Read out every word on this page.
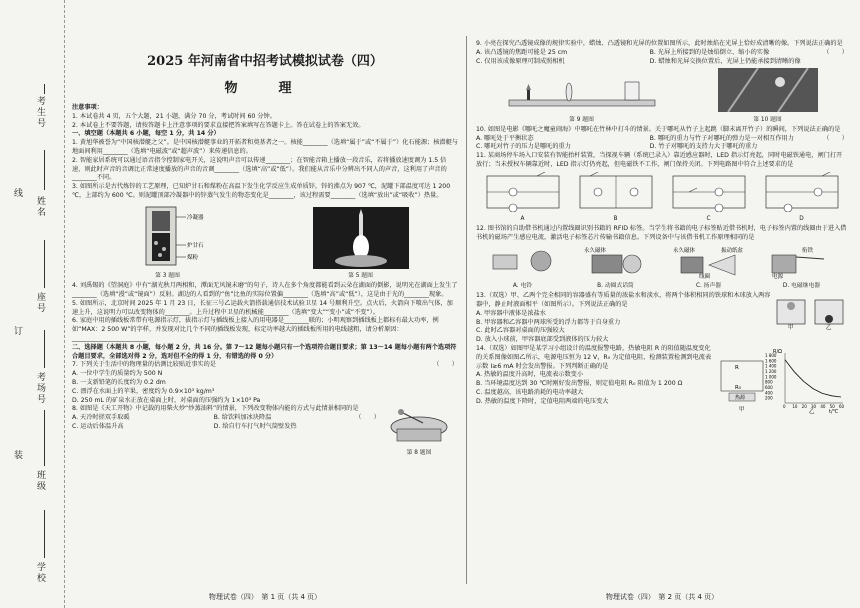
考生号
姓名
座号
考场号
班级
学校
线
订
装
2025 年河南省中招考试模拟试卷（四）
物　理

注意事项：

1. 本试卷共 4 页，五个大题，21 小题，满分 70 分，考试时间 60 分钟。

2. 本试卷上不要答题，请按答题卡上注意事项的要求直接把答案填写在答题卡上。答在试卷上的答案无效。

一、填空题（本题共 6 小题，每空 1 分，共 14 分）

1. 黄旭华被誉为“中国核潜艇之父”。是中国核潜艇事业的开拓者和奠基者之一。核能________（选填“属于”或“不属于”）化石能源；核潜艇与地面间利用________（选填“电磁波”或“超声波”）来传递信息的。

2. 智能家居系统可以通过语音指令控制家电开关，这说明声音可以传递________；在智能音箱上播放一段音乐，若将播放速度调为 1.5 倍速，则此时声音的音调比正常速度播放的声音的音调________（选填“高”或“低”）。我们能从音乐中分辨出不同人的声音，这利用了声音的________不同。

3. 如图所示是古代炼锌的工艺原理，已知炉甘石和煤粉在高温下发生化学反应生成单质锌，锌的沸点为 907 ℃，泥罐下部温度可达 1 200 ℃，上部约为 600 ℃。则泥罐顶部冷凝器中的锌蒸气发生的物态变化是________，该过程需要________（选填“放出”或“吸收”）热量。

冷凝器
炉甘石
煤粉
第 3 题图	第 5 题图

4. 刘禹锡的《望洞庭》中有“湖光秋月两相和，潭面无风镜未磨”的句子，诗人在多个角度都能看到云朵在湖面的倒影，说明光在湖面上发生了________（选填“漫”或“镜面”）反射。湖边的人看到的“鱼”比鱼的实际位置偏________（选填“高”或“低”），这是由于光的________现象。

5. 如图所示，北京时间 2025 年 1 月 23 日，长征三号乙运载火箭搭载通信技术试验卫星 14 号顺利升空。点火后，火箭向下喷出气体，加速上升，这说明力可以改变物体的________。上升过程中卫星的机械能________（选填“变大”“变小”或“不变”）。

6. 家庭中用的插线板常带有电源指示灯，拔指示灯与插线板上接入的用电器是________联的；小明观察到插线板上都标有最大功率，例如“MAX：2 500 W”的字样，并发现对比几个不同的插线板发现，标定功率越大的插线板所用的电线越粗，请分析原因：________________________

二、选择题（本题共 8 小题，每小题 2 分，共 16 分。第 7～12 题每小题只有一个选项符合题目要求；第 13～14 题每小题有两个选项符合题目要求，全部选对得 2 分，选对但不全的得 1 分，有错选的得 0 分）

7. 下列关于生活中的物理量的估测比较贴近事实的是	（　　）

A. 一位中学生的质量约为 500 N

B. 一支新铅笔的长度约为 0.2 dm

C. 漂浮在水面上的苹果，密度约为 0.9×10³ kg/m³

D. 250 mL 的矿泉水正放在桌面上时，对桌面的压强约为 1×10³ Pa

8. 如图是《天工开物》中记载的用柴火炒“炒蒸油料”的情景，下列改变物体内能的方式与此情景相同的是
（　　）

A. 天冷时搓双手取暖	B. 给饮料加冰块降温
C. 运动后体温升高	D. 给自行车打气时气筒壁发热
第 8 题图
物理试卷（四）　第 1 页（共 4 页）

9. 小亮在探究凸透镜成像的规律实验中，蜡烛、凸透镜和光屏的位置如图所示，此时烛焰在光屏上恰好成清晰的像。下列说法正确的是
（　　）

A. 该凸透镜的焦距可能是 25 cm	B. 光屏上所接到的是烛焰倒立、缩小的实像
C. 仅用该成像原理可制成照相机	D. 蜡烛和光屏交换位置后，光屏上仍能承接到清晰的像
第 9 题图	第 10 题图

10. 如图是电影《哪吒之魔童闹海》中哪吒在竹林中打斗的情景。关于哪吒从竹子上起跳（脚未离开竹子）的瞬间，下列说法正确的是
（　　）

A. 哪吒处于平衡状态	B. 哪吒的重力与竹子对哪吒的弹力是一对相互作用力
C. 哪吒对竹子的压力是哪吒的重力	D. 竹子对哪吒的支持力大于哪吒的重力

11. 某商场停车场入口安装有智能抬杆装置，当探视车辆（系统已录入）靠近感应器时，LED 指示灯亮起，同时电磁铁通电，闸门打开放行；当未授权车辆靠近时，LED 指示灯仍亮起，但电磁铁不工作，闸门保持关闭。下列电路图中符合上述要求的是

A	B	C	D

12. 图书馆的自助借书机通过内置线圈识别书籍的 RFID 标签。当学生将书籍的电子标签贴近借书机时，电子标签内置的线圈由于进入借书机的磁场产生感应电流，激活电子标签芯片传输书籍信息。下列设备中与该借书机工作原理相同的是

A. 电铃
永久磁体
B. 动圈式话筒
永久磁体	振动纸盆
线圈
C. 扬声器
衔铁
电源
D. 电磁继电器

13.（双选）甲、乙两个完全相同的容器盛有等质量的浓盐水和淡水，将两个体积相同的铁球和木球放入两容器中，静止时液面相平（如图所示）。下列说法正确的是

A. 甲容器中液体是浓盐水

B. 甲容器和乙容器中两球所受的浮力都等于自身重力

C. 此时乙容器对桌面的压强较大

D. 放入小球前，甲容器底部受到液体的压力较大

甲	乙

14.（双选）如图甲是某学习小组设计的温度报警电路，热敏电阻 R 的阻值随温度变化的关系图像如图乙所示，电源电压恒为 12 V，R₀ 为定值电阻，检测装置检测到电流表示数 I≥6 mA 时会发出警报。下列判断正确的是

A. 热敏的温度升高时，电流表示数变小

B. 当环境温度达到 30 ℃时刚好发出警报，则定值电阻 R₀ 阻值为 1 200 Ω

C. 温度越高，该电路消耗的电功率越大

D. 热敏的温度下降时，定值电阻两端的电压变大

R
R₀
热源
甲
R/Ω
1 800
1 600
1 400
1 200
1 000
800
600
400
200
0 10 20 30 40 50 60
t/℃
乙
物理试卷（四）　第 2 页（共 4 页）
